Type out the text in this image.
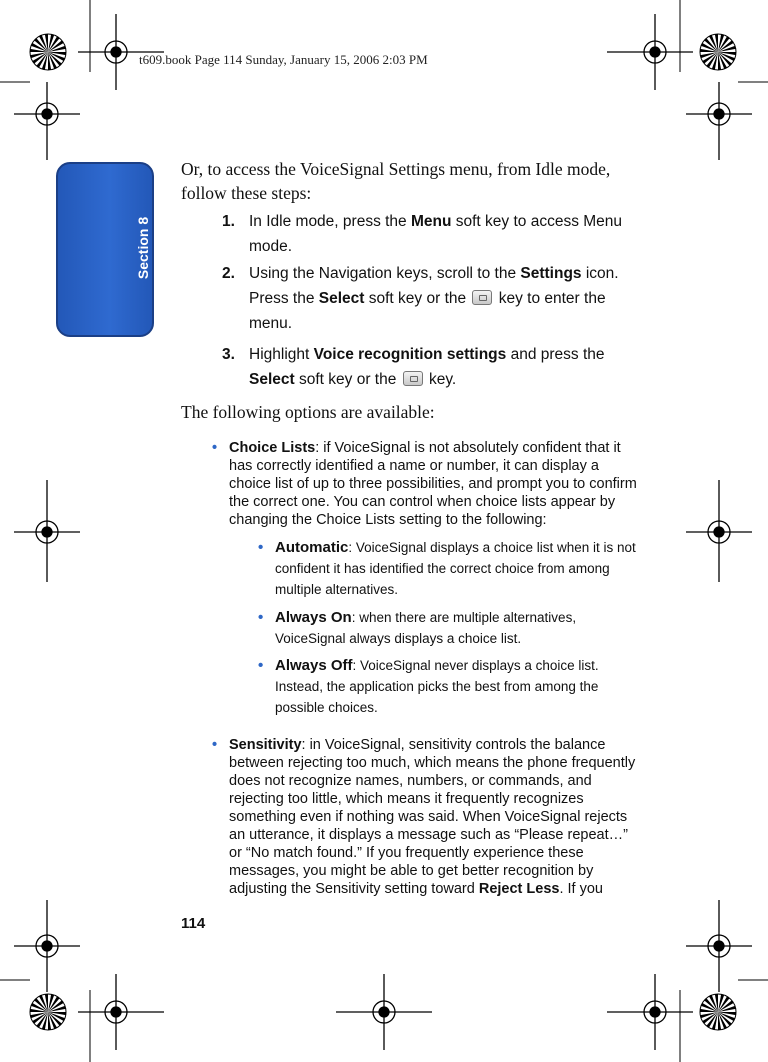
t609.book Page 114 Sunday, January 15, 2006 2:03 PM
Section 8
Or, to access the VoiceSignal Settings menu, from Idle mode, follow these steps:
1. In Idle mode, press the Menu soft key to access Menu mode.
2. Using the Navigation keys, scroll to the Settings icon. Press the Select soft key or the  key to enter the menu.
3. Highlight Voice recognition settings and press the Select soft key or the  key.
The following options are available:
• Choice Lists: if VoiceSignal is not absolutely confident that it has correctly identified a name or number, it can display a choice list of up to three possibilities, and prompt you to confirm the correct one. You can control when choice lists appear by changing the Choice Lists setting to the following:
• Automatic: VoiceSignal displays a choice list when it is not confident it has identified the correct choice from among multiple alternatives.
• Always On: when there are multiple alternatives, VoiceSignal always displays a choice list.
• Always Off: VoiceSignal never displays a choice list. Instead, the application picks the best from among the possible choices.
• Sensitivity: in VoiceSignal, sensitivity controls the balance between rejecting too much, which means the phone frequently does not recognize names, numbers, or commands, and rejecting too little, which means it frequently recognizes something even if nothing was said. When VoiceSignal rejects an utterance, it displays a message such as “Please repeat…” or “No match found.” If you frequently experience these messages, you might be able to get better recognition by adjusting the Sensitivity setting toward Reject Less. If you
114
